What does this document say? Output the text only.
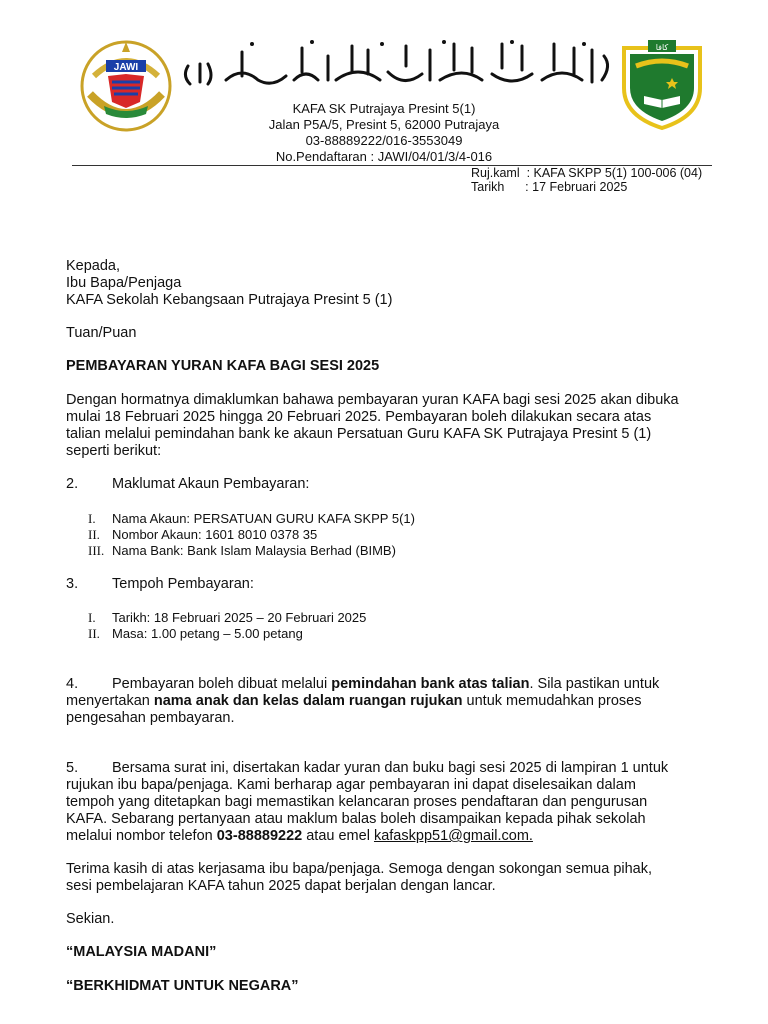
JAWI
كافا
KAFA SK Putrajaya Presint 5(1)
Jalan P5A/5, Presint 5, 62000 Putrajaya
03-88889222/016-3553049
No.Pendaftaran : JAWI/04/01/3/4-016
Ruj.kaml  : KAFA SKPP 5(1) 100-006 (04)
Tarikh      : 17 Februari 2025
Kepada,
Ibu Bapa/Penjaga
KAFA Sekolah Kebangsaan Putrajaya Presint 5 (1)
Tuan/Puan
PEMBAYARAN YURAN KAFA BAGI SESI 2025
Dengan hormatnya dimaklumkan bahawa pembayaran yuran KAFA bagi sesi 2025 akan dibuka
mulai 18 Februari 2025 hingga 20 Februari 2025. Pembayaran boleh dilakukan secara atas
talian melalui pemindahan bank ke akaun Persatuan Guru KAFA SK Putrajaya Presint 5 (1)
seperti berikut:
2. Maklumat Akaun Pembayaran:
I.	Nama Akaun: PERSATUAN GURU KAFA SKPP 5(1)
II. Nombor Akaun: 1601 8010 0378 35
III. Nama Bank: Bank Islam Malaysia Berhad (BIMB)
3. Tempoh Pembayaran:
I.	Tarikh: 18 Februari 2025 – 20 Februari 2025
II. Masa: 1.00 petang – 5.00 petang
4. Pembayaran boleh dibuat melalui pemindahan bank atas talian. Sila pastikan untuk
menyertakan nama anak dan kelas dalam ruangan rujukan untuk memudahkan proses
pengesahan pembayaran.
5. Bersama surat ini, disertakan kadar yuran dan buku bagi sesi 2025 di lampiran 1 untuk
rujukan ibu bapa/penjaga. Kami berharap agar pembayaran ini dapat diselesaikan dalam
tempoh yang ditetapkan bagi memastikan kelancaran proses pendaftaran dan pengurusan
KAFA. Sebarang pertanyaan atau maklum balas boleh disampaikan kepada pihak sekolah
melalui nombor telefon 03-88889222 atau emel kafaskpp51@gmail.com.
Terima kasih di atas kerjasama ibu bapa/penjaga. Semoga dengan sokongan semua pihak,
sesi pembelajaran KAFA tahun 2025 dapat berjalan dengan lancar.
Sekian.
“MALAYSIA MADANI”
“BERKHIDMAT UNTUK NEGARA”
